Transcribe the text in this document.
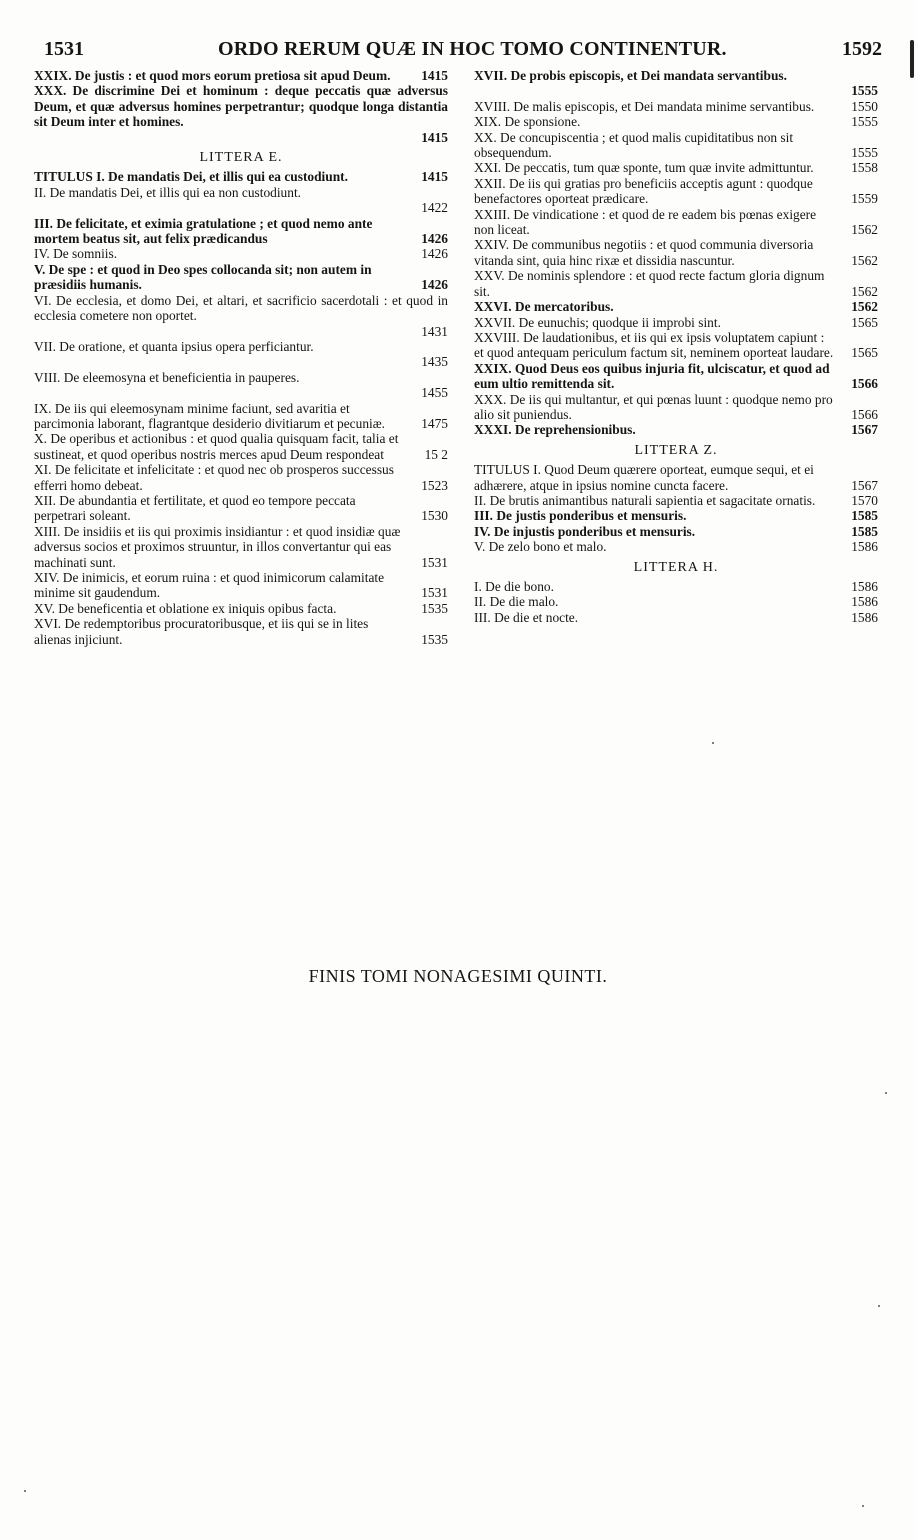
1531	ORDO RERUM QUÆ IN HOC TOMO CONTINENTUR.	1592
XXIX. De justis : et quod mors eorum pretiosa sit apud Deum.	1415
XXX. De discrimine Dei et hominum : deque peccatis quæ adversus Deum, et quæ adversus homines perpetrantur; quodque longa distantia sit Deum inter et homines.
1415
LITTERA E.
TITULUS I. De mandatis Dei, et illis qui ea custodiunt.	1415
II. De mandatis Dei, et illis qui ea non custodiunt.
1422
III. De felicitate, et eximia gratulatione ; et quod nemo ante mortem beatus sit, aut felix prædicandus	1426
IV. De somniis.	1426
V. De spe : et quod in Deo spes collocanda sit; non autem in præsidiis humanis.	1426
VI. De ecclesia, et domo Dei, et altari, et sacrificio sacerdotali : et quod in ecclesia cometere non oportet.
1431
VII. De oratione, et quanta ipsius opera perficiantur.
1435
VIII. De eleemosyna et beneficientia in pauperes.
1455
IX. De iis qui eleemosynam minime faciunt, sed avaritia et parcimonia laborant, flagrantque desiderio divitiarum et pecuniæ.	1475
X. De operibus et actionibus : et quod qualia quisquam facit, talia et sustineat, et quod operibus nostris merces apud Deum respondeat	15 2
XI. De felicitate et infelicitate : et quod nec ob prosperos successus efferri homo debeat.	1523
XII. De abundantia et fertilitate, et quod eo tempore peccata perpetrari soleant.	1530
XIII. De insidiis et iis qui proximis insidiantur : et quod insidiæ quæ adversus socios et proximos struuntur, in illos convertantur qui eas machinati sunt.	1531
XIV. De inimicis, et eorum ruina : et quod inimicorum calamitate minime sit gaudendum.	1531
XV. De beneficentia et oblatione ex iniquis opibus facta.	1535
XVI. De redemptoribus procuratoribusque, et iis qui se in lites alienas injiciunt.	1535
XVII. De probis episcopis, et Dei mandata servantibus.
1555
XVIII. De malis episcopis, et Dei mandata minime servantibus.	1550
XIX. De sponsione.	1555
XX. De concupiscentia ; et quod malis cupiditatibus non sit obsequendum.	1555
XXI. De peccatis, tum quæ sponte, tum quæ invite admittuntur.	1558
XXII. De iis qui gratias pro beneficiis acceptis agunt : quodque benefactores oporteat prædicare.	1559
XXIII. De vindicatione : et quod de re eadem bis pœnas exigere non liceat.	1562
XXIV. De communibus negotiis : et quod communia diversoria vitanda sint, quia hinc rixæ et dissidia nascuntur.	1562
XXV. De nominis splendore : et quod recte factum gloria dignum sit.	1562
XXVI. De mercatoribus.	1562
XXVII. De eunuchis; quodque ii improbi sint.	1565
XXVIII. De laudationibus, et iis qui ex ipsis voluptatem capiunt : et quod antequam periculum factum sit, neminem oporteat laudare.	1565
XXIX. Quod Deus eos quibus injuria fit, ulciscatur, et quod ad eum ultio remittenda sit.	1566
XXX. De iis qui multantur, et qui pœnas luunt : quodque nemo pro alio sit puniendus.	1566
XXXI. De reprehensionibus.	1567
LITTERA Z.
TITULUS I. Quod Deum quærere oporteat, eumque sequi, et ei adhærere, atque in ipsius nomine cuncta facere.	1567
II. De brutis animantibus naturali sapientia et sagacitate ornatis.	1570
III. De justis ponderibus et mensuris.	1585
IV. De injustis ponderibus et mensuris.	1585
V. De zelo bono et malo.	1586
LITTERA H.
I. De die bono.	1586
II. De die malo.	1586
III. De die et nocte.	1586
FINIS TOMI NONAGESIMI QUINTI.
